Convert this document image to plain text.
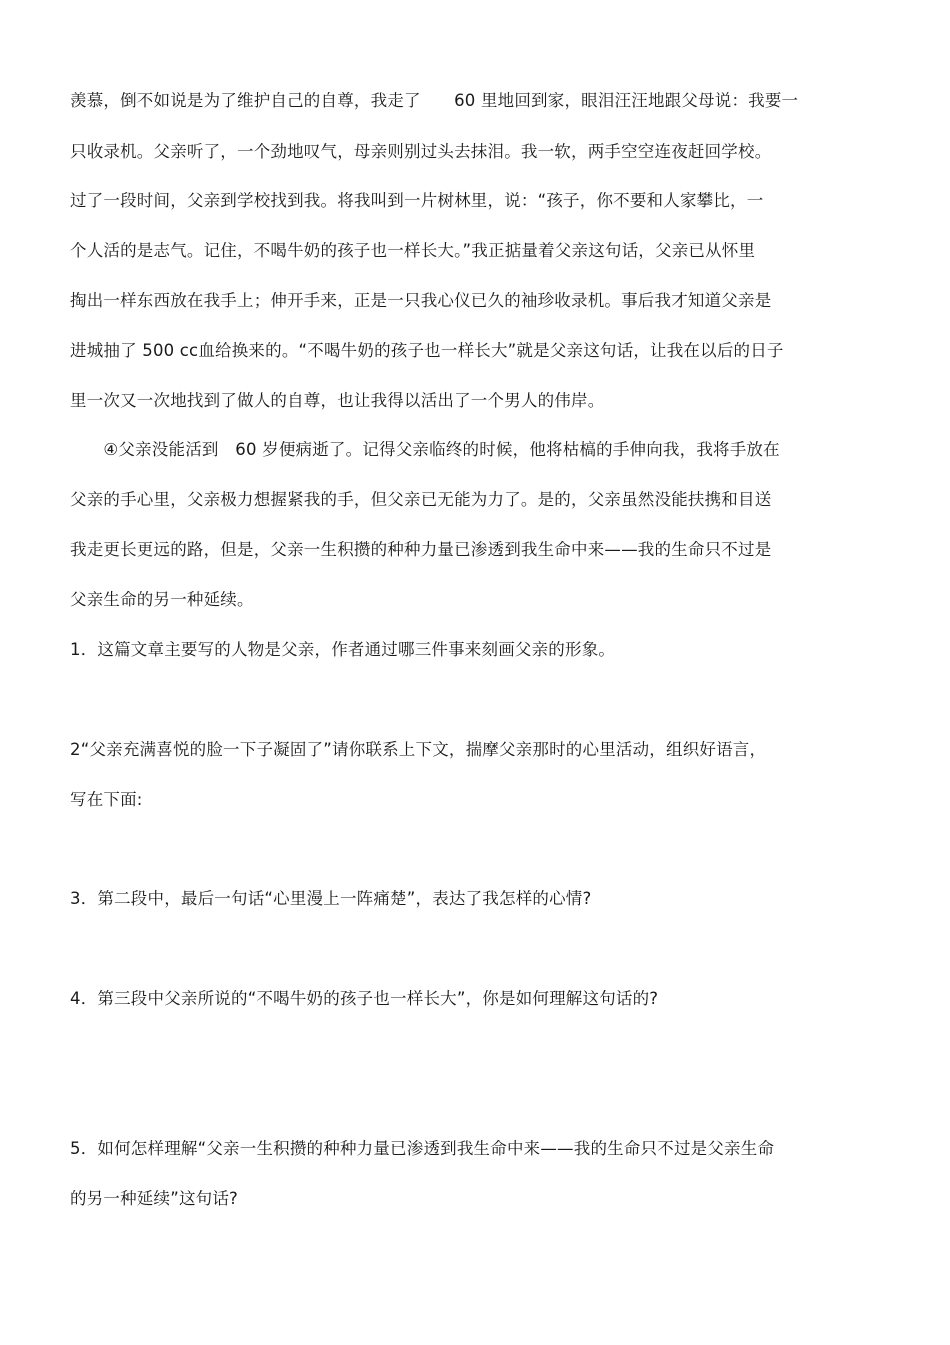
羡慕，倒不如说是为了维护自己的自尊，我走了　　60 里地回到家，眼泪汪汪地跟父母说：我要一
只收录机。父亲听了，一个劲地叹气，母亲则别过头去抹泪。我一软，两手空空连夜赶回学校。
过了一段时间，父亲到学校找到我。将我叫到一片树林里，说：“孩子，你不要和人家攀比，一
个人活的是志气。记住，不喝牛奶的孩子也一样长大。”我正掂量着父亲这句话，父亲已从怀里
掏出一样东西放在我手上；伸开手来，正是一只我心仪已久的袖珍收录机。事后我才知道父亲是
进城抽了 500 cc血给换来的。“不喝牛奶的孩子也一样长大”就是父亲这句话，让我在以后的日子
里一次又一次地找到了做人的自尊，也让我得以活出了一个男人的伟岸。
　　④父亲没能活到　60 岁便病逝了。记得父亲临终的时候，他将枯槁的手伸向我，我将手放在
父亲的手心里，父亲极力想握紧我的手，但父亲已无能为力了。是的，父亲虽然没能扶携和目送
我走更长更远的路，但是，父亲一生积攒的种种力量已渗透到我生命中来——我的生命只不过是
父亲生命的另一种延续。
1．这篇文章主要写的人物是父亲，作者通过哪三件事来刻画父亲的形象。
2“父亲充满喜悦的脸一下子凝固了”请你联系上下文，揣摩父亲那时的心里活动，组织好语言，
写在下面:
3．第二段中，最后一句话“心里漫上一阵痛楚”，表达了我怎样的心情?
4．第三段中父亲所说的“不喝牛奶的孩子也一样长大”，你是如何理解这句话的?
5．如何怎样理解“父亲一生积攒的种种力量已渗透到我生命中来——我的生命只不过是父亲生命
的另一种延续”这句话?
